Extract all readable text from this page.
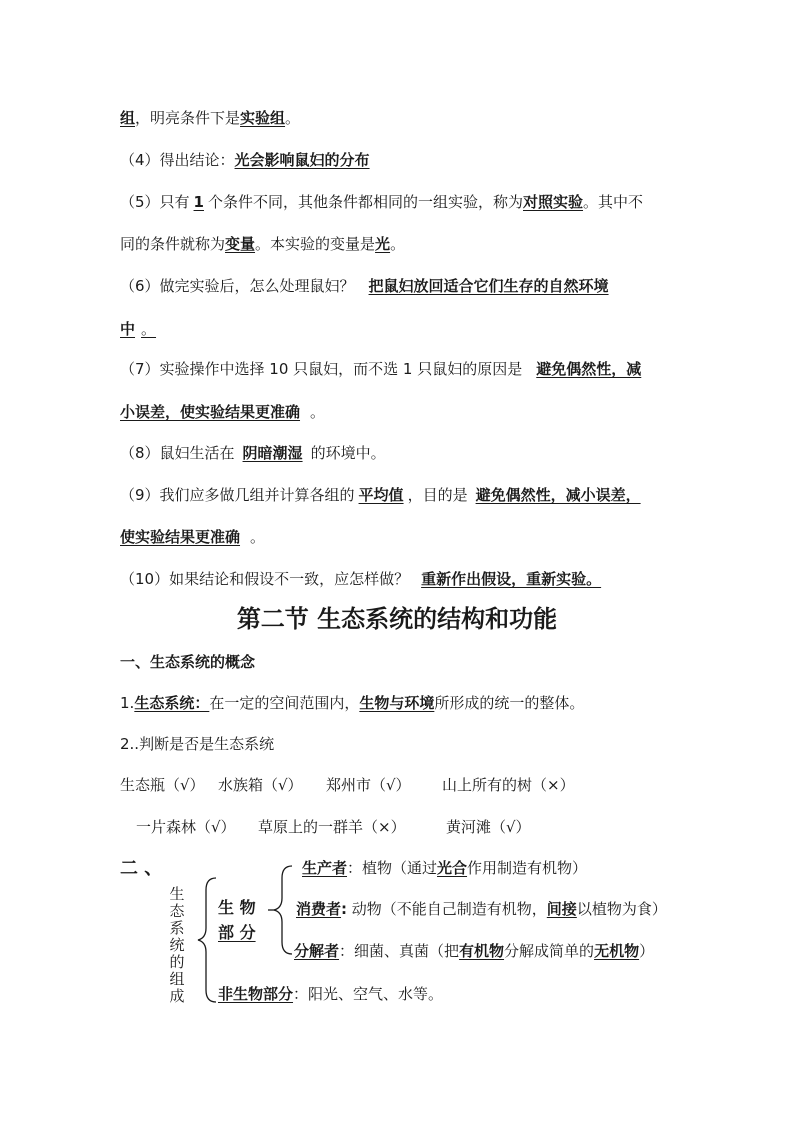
组，明亮条件下是实验组。
（4）得出结论：光会影响鼠妇的分布
（5）只有 1 个条件不同，其他条件都相同的一组实验，称为对照实验。其中不
同的条件就称为变量。本实验的变量是光。
（6）做完实验后，怎么处理鼠妇？ 把鼠妇放回适合它们生存的自然环境
中 。
（7）实验操作中选择 10 只鼠妇，而不选 1 只鼠妇的原因是 避免偶然性，减
小误差，使实验结果更准确 。
（8）鼠妇生活在 阴暗潮湿 的环境中。
（9）我们应多做几组并计算各组的 平均值 ，目的是 避免偶然性，减小误差，
使实验结果更准确 。
（10）如果结论和假设不一致，应怎样做？ 重新作出假设，重新实验。
第二节 生态系统的结构和功能
一、生态系统的概念
1.生态系统：在一定的空间范围内，生物与环境所形成的统一的整体。
2..判断是否是生态系统
生态瓶（√） 水族箱（√） 郑州市（√） 山上所有的树（×）
一片森林（√） 草原上的一群羊（×）	黄河滩（√）
二 、
生
态
系
统
的
组
成
生 物
部 分
生产者：植物（通过光合作用制造有机物）
消费者: 动物（不能自己制造有机物，间接以植物为食）
分解者：细菌、真菌（把有机物分解成简单的无机物）
非生物部分：阳光、空气、水等。
